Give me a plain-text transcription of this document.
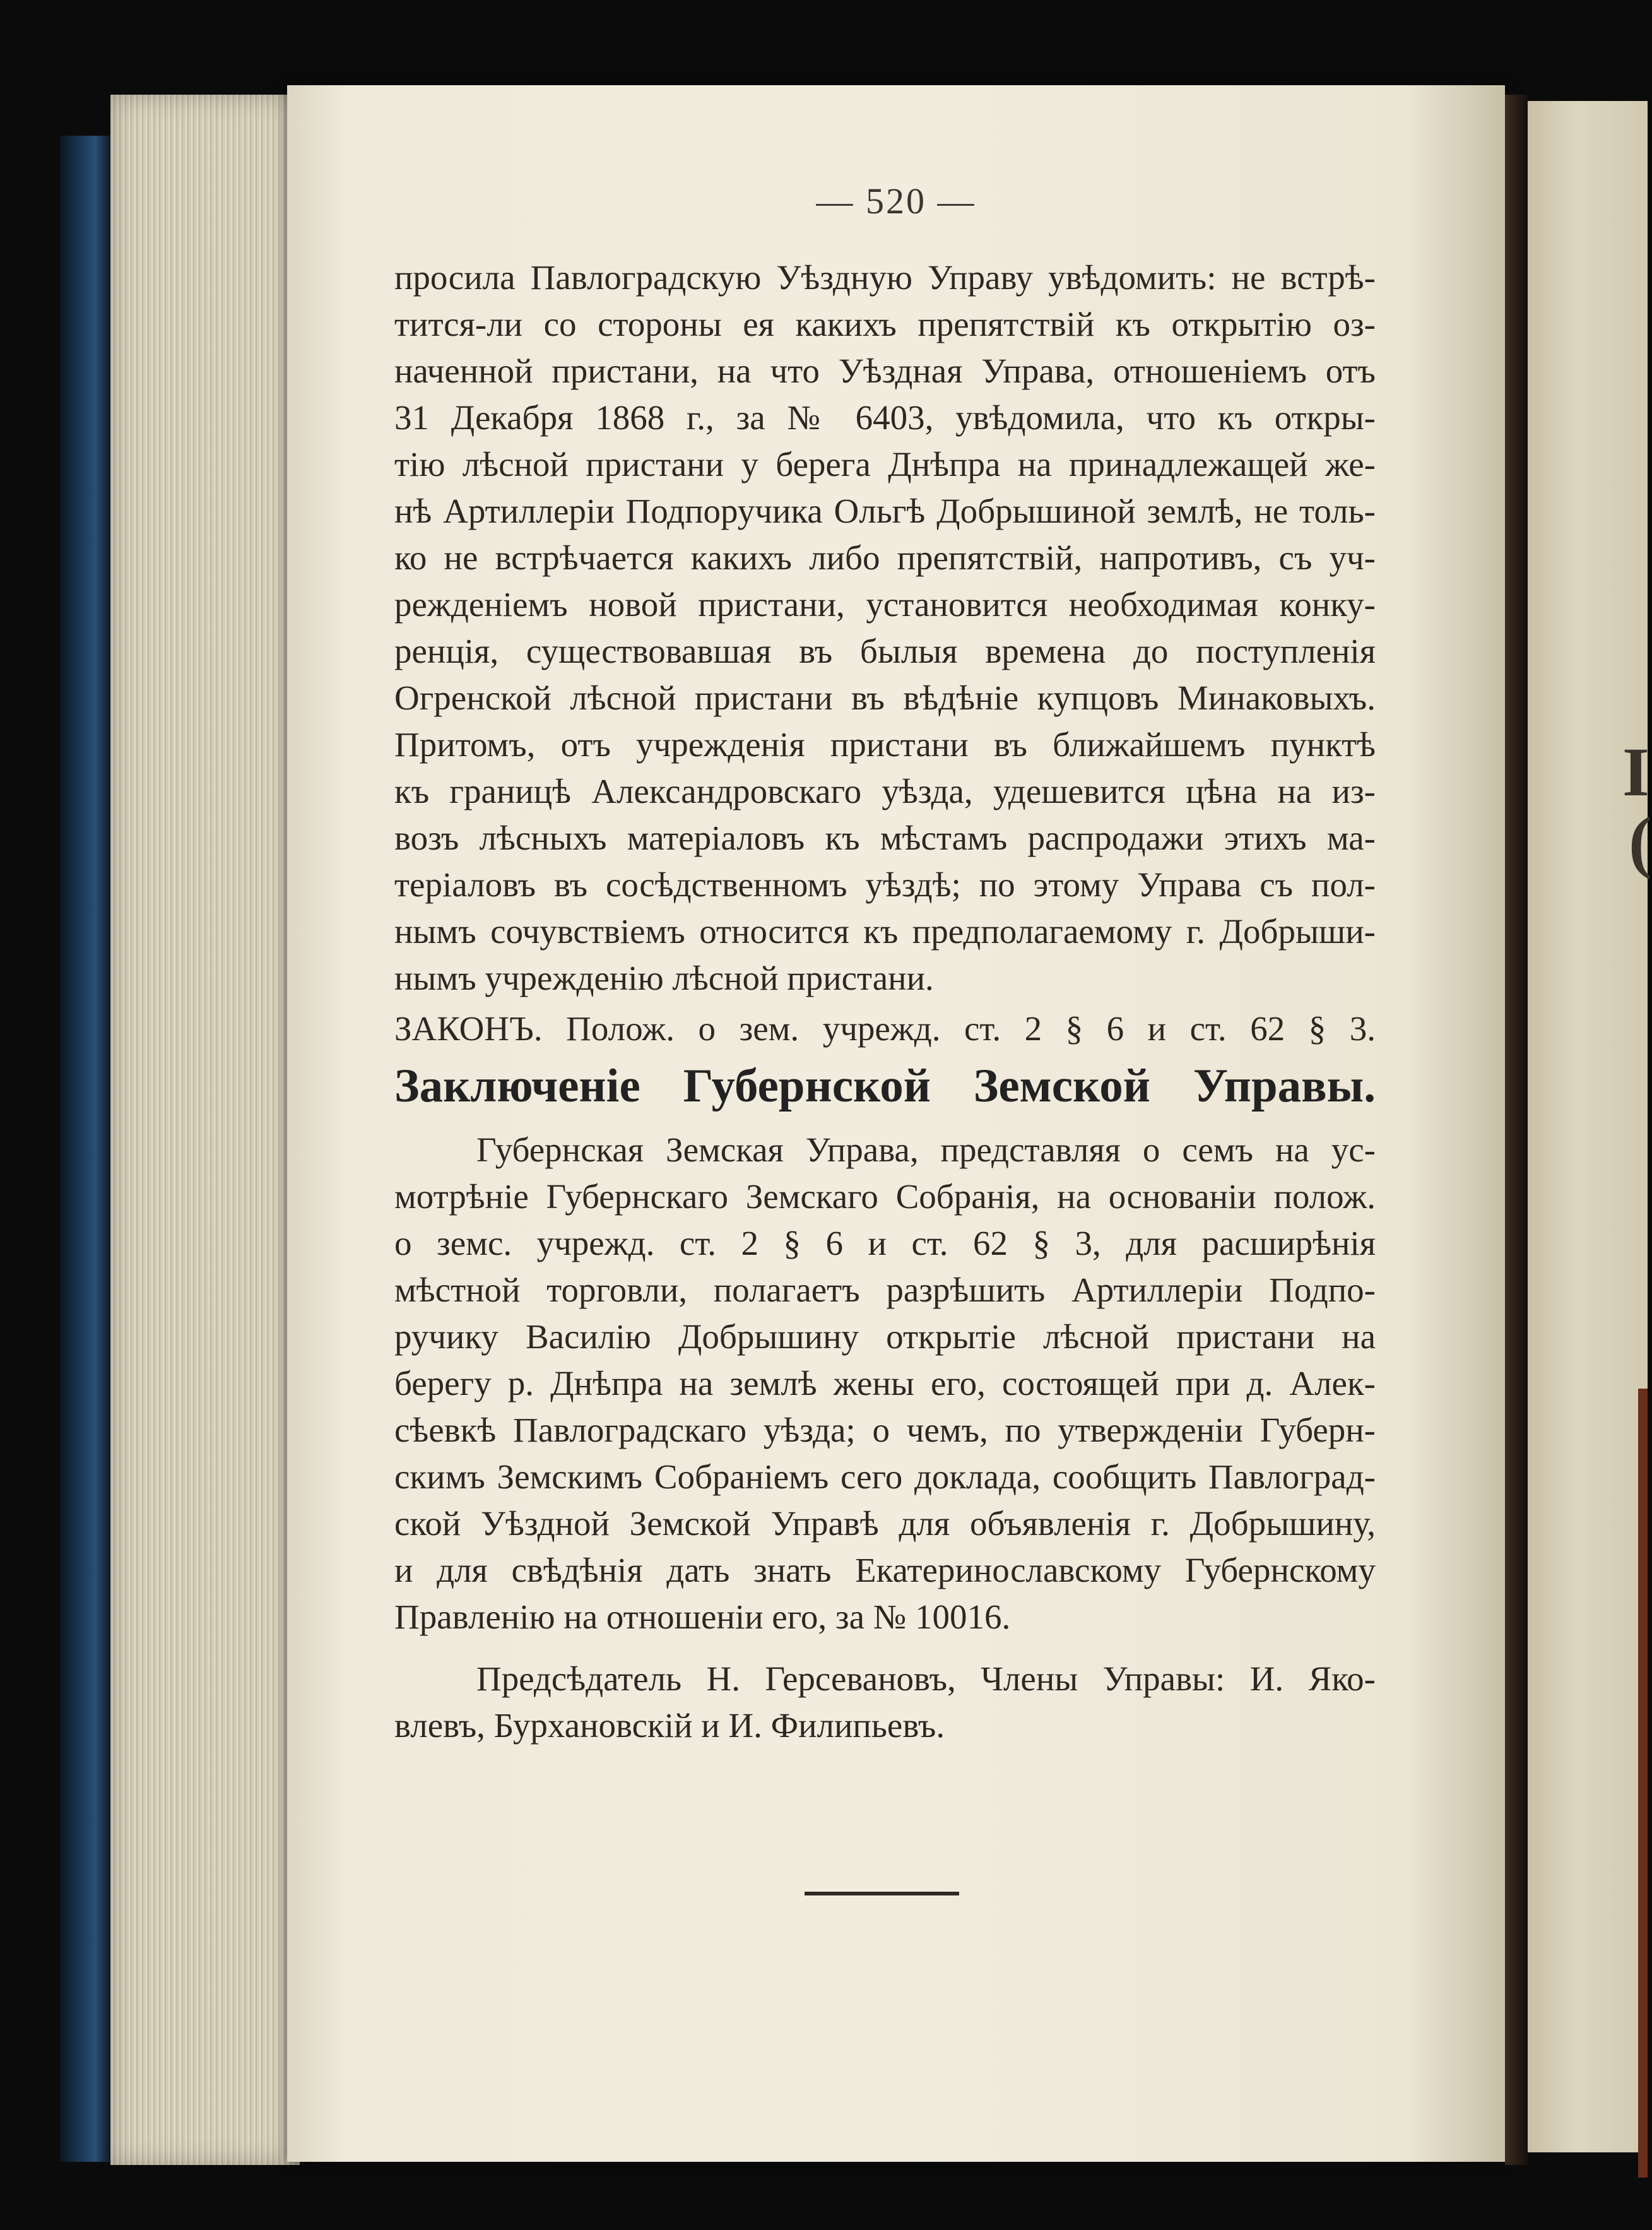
— 520 —
просила Павлоградскую Уѣздную Управу увѣдомить: не встрѣ-
тится-ли со стороны ея какихъ препятствій къ открытію оз-
наченной пристани, на что Уѣздная Управа, отношеніемъ отъ
31 Декабря 1868 г., за № 6403, увѣдомила, что къ откры-
тію лѣсной пристани у берега Днѣпра на принадлежащей же-
нѣ Артиллеріи Подпоручика Ольгѣ Добрышиной землѣ, не толь-
ко не встрѣчается какихъ либо препятствій, напротивъ, съ уч-
режденіемъ новой пристани, установится необходимая конку-
ренція, существовавшая въ былыя времена до поступленія
Огренской лѣсной пристани въ вѣдѣніе купцовъ Минаковыхъ.
Притомъ, отъ учрежденія пристани въ ближайшемъ пунктѣ
къ границѣ Александровскаго уѣзда, удешевится цѣна на из-
возъ лѣсныхъ матеріаловъ къ мѣстамъ распродажи этихъ ма-
теріаловъ въ сосѣдственномъ уѣздѣ; по этому Управа съ пол-
нымъ сочувствіемъ относится къ предполагаемому г. Добрыши-
нымъ учрежденію лѣсной пристани.
ЗАКОНЪ. Полож. о зем. учрежд. ст. 2 § 6 и ст. 62 § 3.
Заключеніе Губернской Земской Управы.
Губернская Земская Управа, представляя о семъ на ус-
мотрѣніе Губернскаго Земскаго Собранія, на основаніи полож.
о земс. учрежд. ст. 2 § 6 и ст. 62 § 3, для расширѣнія
мѣстной торговли, полагаетъ разрѣшить Артиллеріи Подпо-
ручику Василію Добрышину открытіе лѣсной пристани на
берегу р. Днѣпра на землѣ жены его, состоящей при д. Алек-
сѣевкѣ Павлоградскаго уѣзда; о чемъ, по утвержденіи Губерн-
скимъ Земскимъ Собраніемъ сего доклада, сообщить Павлоград-
ской Уѣздной Земской Управѣ для объявленія г. Добрышину,
и для свѣдѣнія дать знать Екатеринославскому Губернскому
Правленію на отношеніи его, за № 10016.
Предсѣдатель Н. Герсевановъ, Члены Управы: И. Яко-
влевъ, Бурхановскій и И. Филипьевъ.
I
(
